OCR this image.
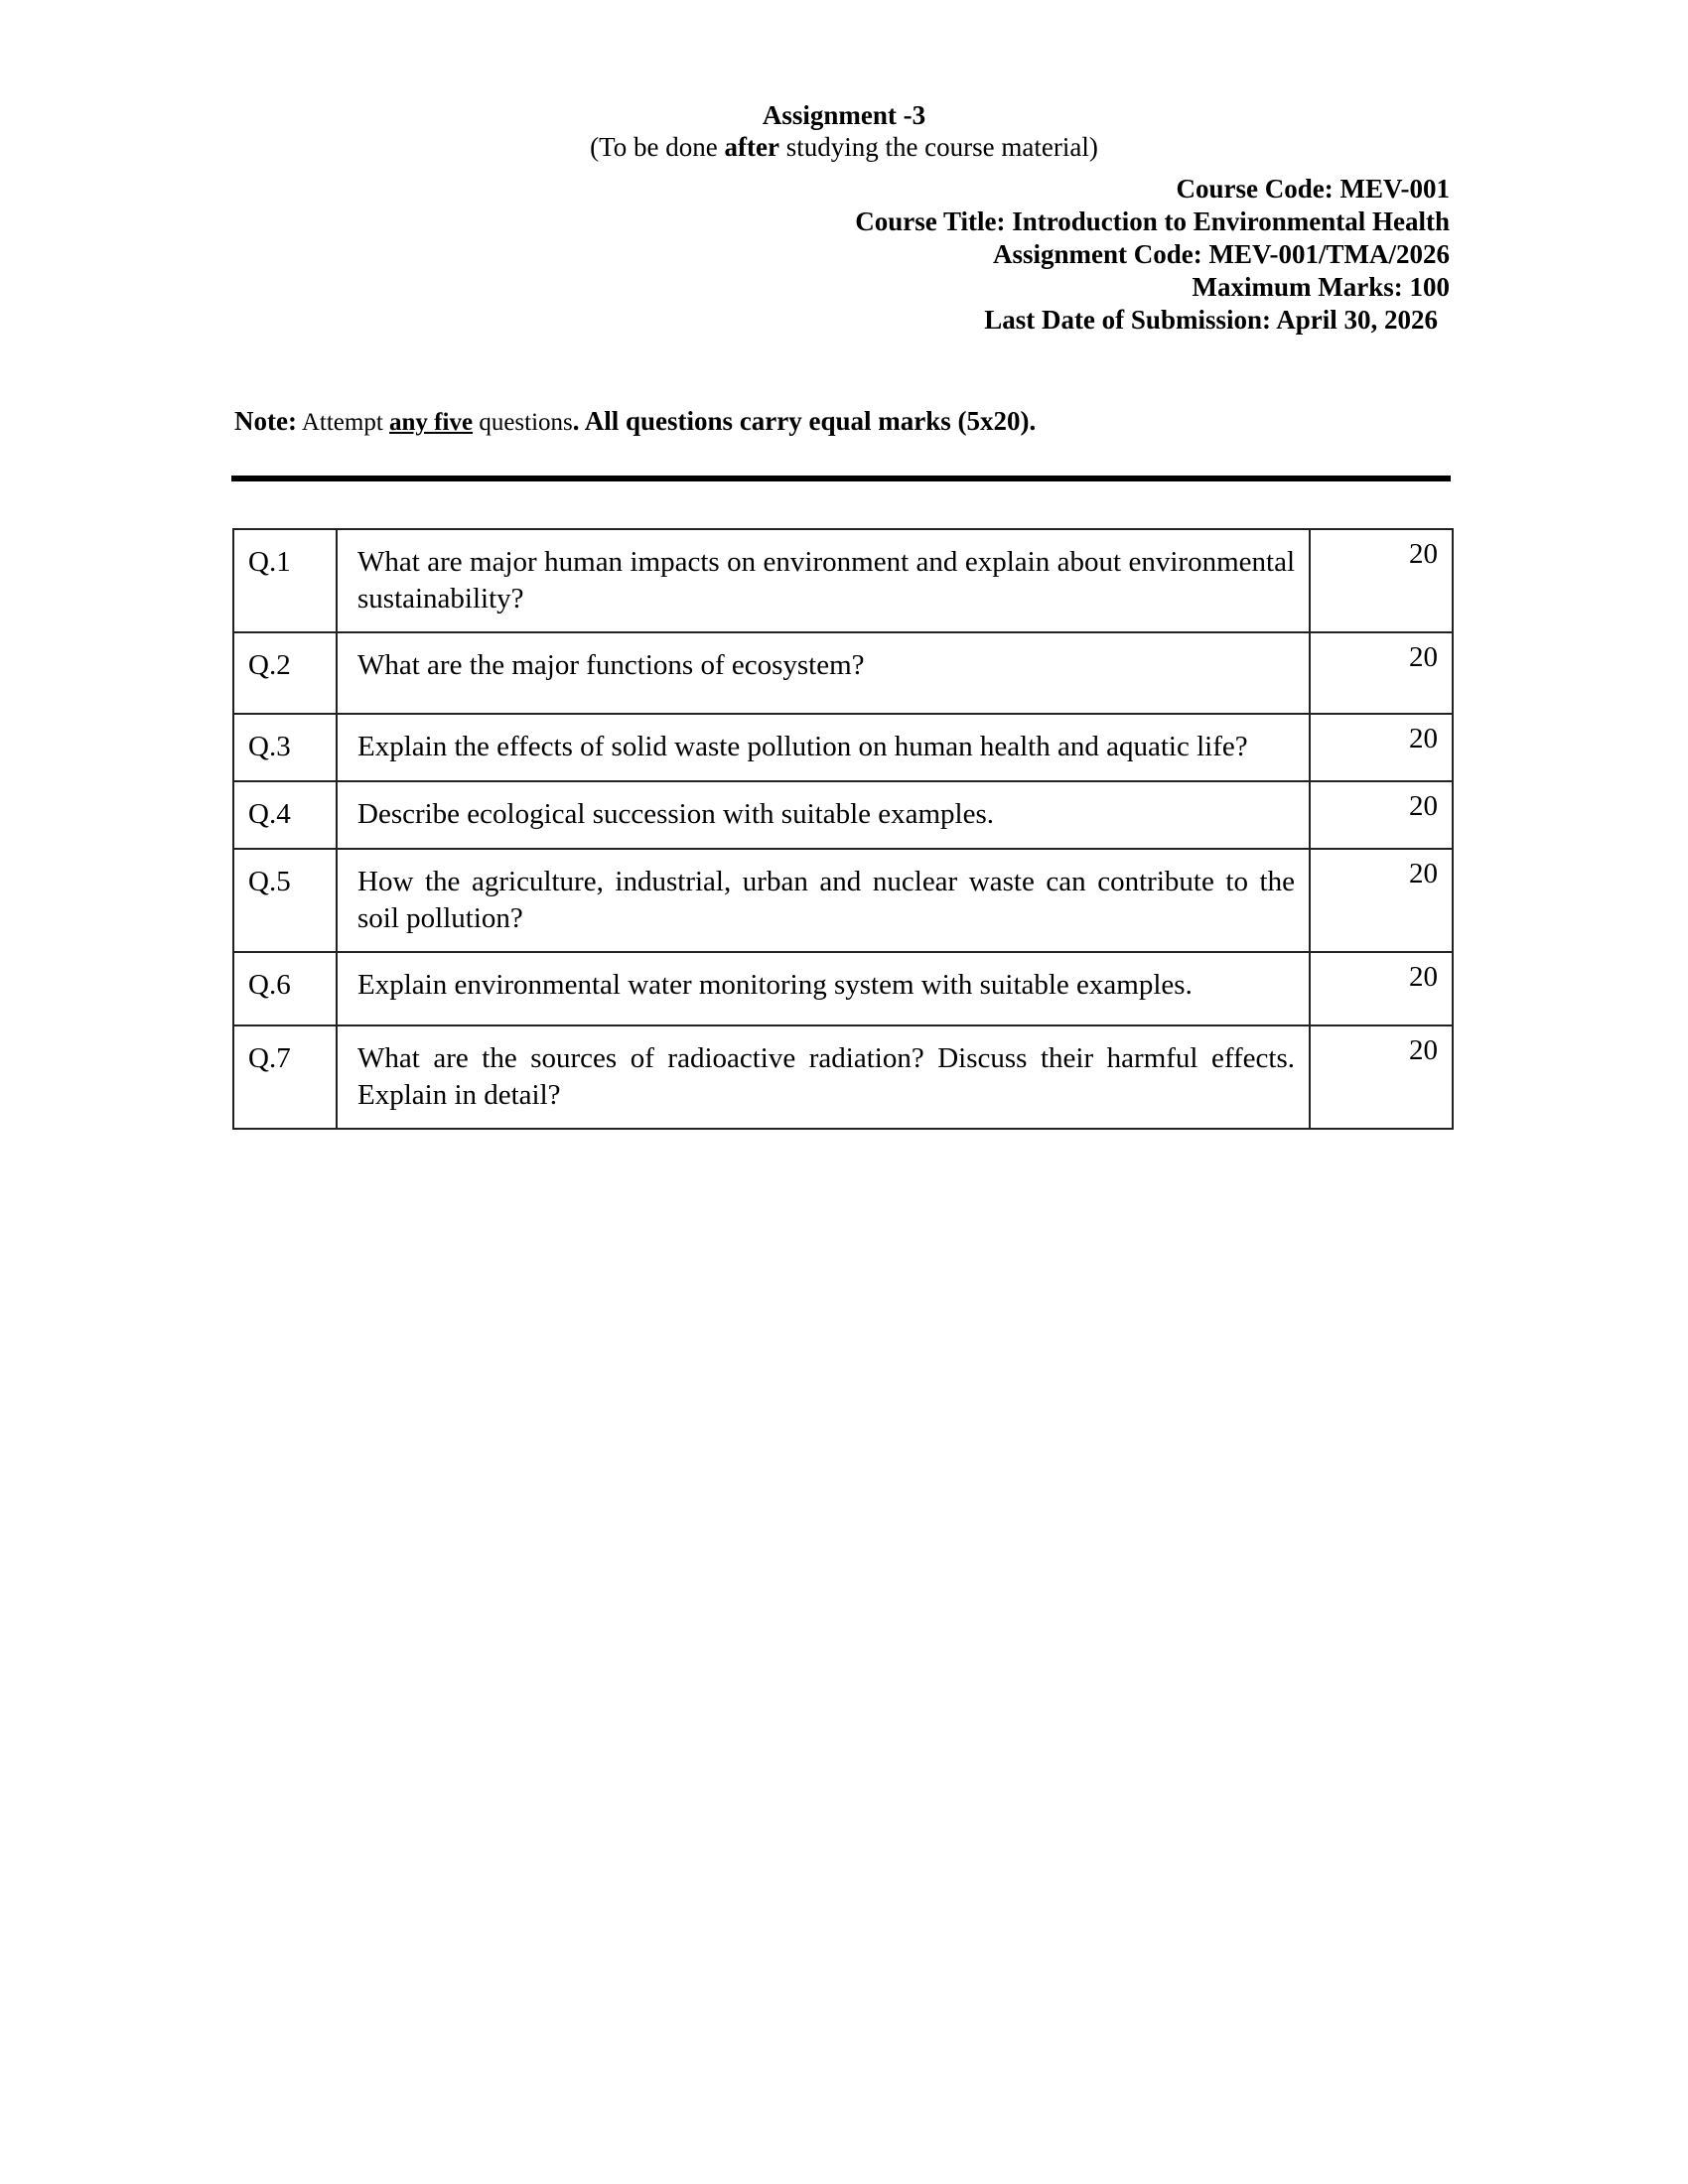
Assignment -3
(To be done after studying the course material)
Course Code: MEV-001
Course Title: Introduction to Environmental Health
Assignment Code: MEV-001/TMA/2026
Maximum Marks: 100
Last Date of Submission: April 30, 2026
Note: Attempt any five questions. All questions carry equal marks (5x20).
Q.1	What are major human impacts on environment and explain about environmental sustainability?	20
Q.2	What are the major functions of ecosystem?	20
Q.3	Explain the effects of solid waste pollution on human health and aquatic life?	20
Q.4	Describe ecological succession with suitable examples.	20
Q.5	How the agriculture, industrial, urban and nuclear waste can contribute to the soil pollution?	20
Q.6	Explain environmental water monitoring system with suitable examples.	20
Q.7	What are the sources of radioactive radiation? Discuss their harmful effects. Explain in detail?	20
